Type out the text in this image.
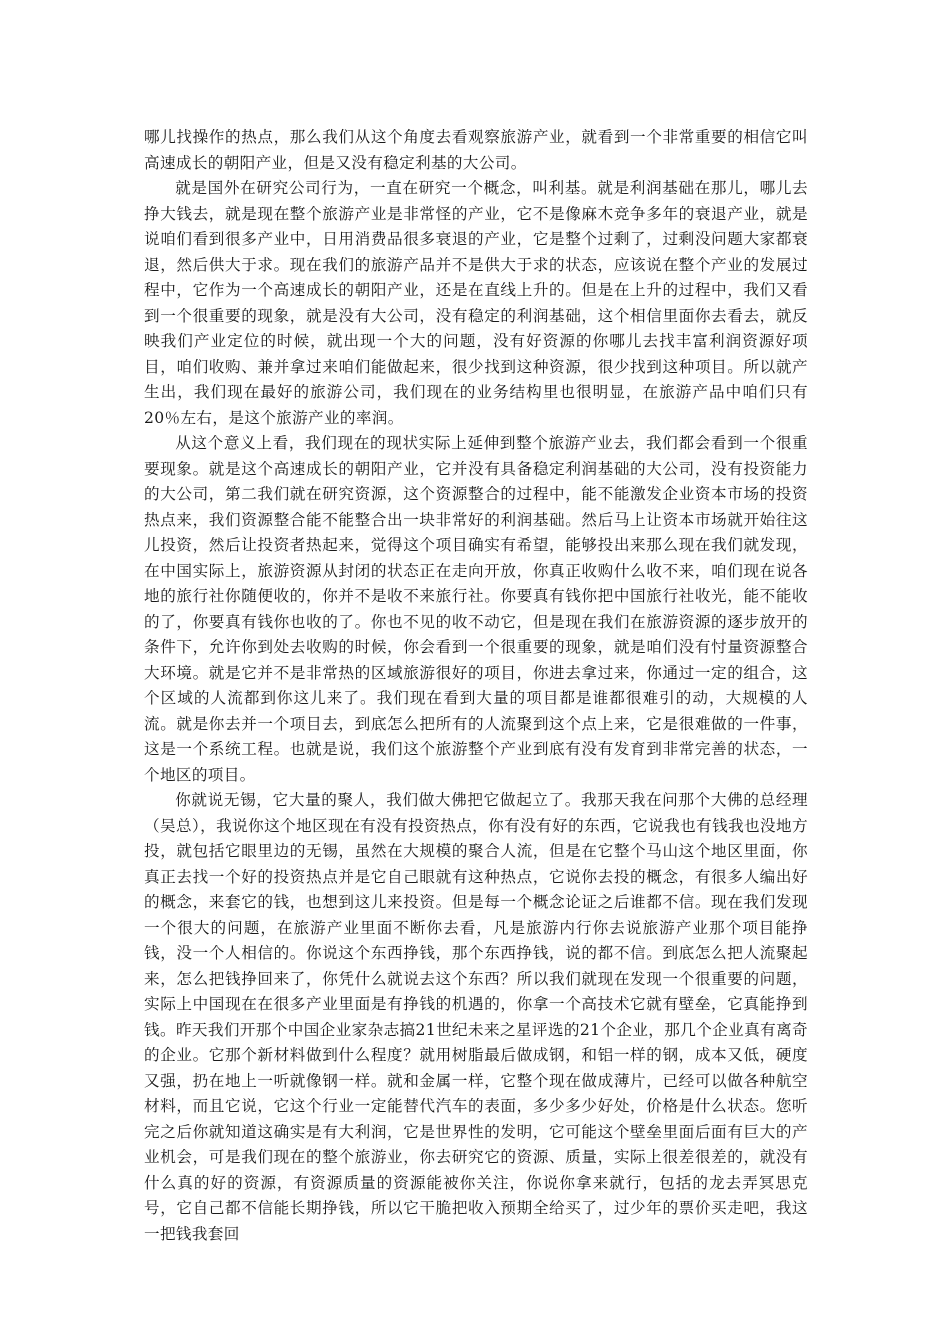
哪儿找操作的热点，那么我们从这个角度去看观察旅游产业，就看到一个非常重要的相信它叫高速成长的朝阳产业，但是又没有稳定利基的大公司。

就是国外在研究公司行为，一直在研究一个概念，叫利基。就是利润基础在那儿，哪儿去挣大钱去，就是现在整个旅游产业是非常怪的产业，它不是像麻木竞争多年的衰退产业，就是说咱们看到很多产业中，日用消费品很多衰退的产业，它是整个过剩了，过剩没问题大家都衰退，然后供大于求。现在我们的旅游产品并不是供大于求的状态，应该说在整个产业的发展过程中，它作为一个高速成长的朝阳产业，还是在直线上升的。但是在上升的过程中，我们又看到一个很重要的现象，就是没有大公司，没有稳定的利润基础，这个相信里面你去看去，就反映我们产业定位的时候，就出现一个大的问题，没有好资源的你哪儿去找丰富利润资源好项目，咱们收购、兼并拿过来咱们能做起来，很少找到这种资源，很少找到这种项目。所以就产生出，我们现在最好的旅游公司，我们现在的业务结构里也很明显，在旅游产品中咱们只有20％左右，是这个旅游产业的率润。

从这个意义上看，我们现在的现状实际上延伸到整个旅游产业去，我们都会看到一个很重要现象。就是这个高速成长的朝阳产业，它并没有具备稳定利润基础的大公司，没有投资能力的大公司，第二我们就在研究资源，这个资源整合的过程中，能不能激发企业资本市场的投资热点来，我们资源整合能不能整合出一块非常好的利润基础。然后马上让资本市场就开始往这儿投资，然后让投资者热起来，觉得这个项目确实有希望，能够投出来那么现在我们就发现，在中国实际上，旅游资源从封闭的状态正在走向开放，你真正收购什么收不来，咱们现在说各地的旅行社你随便收的，你并不是收不来旅行社。你要真有钱你把中国旅行社收光，能不能收的了，你要真有钱你也收的了。你也不见的收不动它，但是现在我们在旅游资源的逐步放开的条件下，允许你到处去收购的时候，你会看到一个很重要的现象，就是咱们没有忖量资源整合大环境。就是它并不是非常热的区域旅游很好的项目，你进去拿过来，你通过一定的组合，这个区域的人流都到你这儿来了。我们现在看到大量的项目都是谁都很难引的动，大规模的人流。就是你去并一个项目去，到底怎么把所有的人流聚到这个点上来，它是很难做的一件事，这是一个系统工程。也就是说，我们这个旅游整个产业到底有没有发育到非常完善的状态，一个地区的项目。

你就说无锡，它大量的聚人，我们做大佛把它做起立了。我那天我在问那个大佛的总经理（吴总），我说你这个地区现在有没有投资热点，你有没有好的东西，它说我也有钱我也没地方投，就包括它眼里边的无锡，虽然在大规模的聚合人流，但是在它整个马山这个地区里面，你真正去找一个好的投资热点并是它自己眼就有这种热点，它说你去投的概念，有很多人编出好的概念，来套它的钱，也想到这儿来投资。但是每一个概念论证之后谁都不信。现在我们发现一个很大的问题，在旅游产业里面不断你去看，凡是旅游内行你去说旅游产业那个项目能挣钱，没一个人相信的。你说这个东西挣钱，那个东西挣钱，说的都不信。到底怎么把人流聚起来，怎么把钱挣回来了，你凭什么就说去这个东西？所以我们就现在发现一个很重要的问题，实际上中国现在在很多产业里面是有挣钱的机遇的，你拿一个高技术它就有壁垒，它真能挣到钱。昨天我们开那个中国企业家杂志搞21世纪未来之星评选的21个企业，那几个企业真有离奇的企业。它那个新材料做到什么程度？就用树脂最后做成钢，和铝一样的钢，成本又低，硬度又强，扔在地上一听就像钢一样。就和金属一样，它整个现在做成薄片，已经可以做各种航空材料，而且它说，它这个行业一定能替代汽车的表面，多少多少好处，价格是什么状态。您听完之后你就知道这确实是有大利润，它是世界性的发明，它可能这个壁垒里面后面有巨大的产业机会，可是我们现在的整个旅游业，你去研究它的资源、质量，实际上很差很差的，就没有什么真的好的资源，有资源质量的资源能被你关注，你说你拿来就行，包括的龙去弄冥思克号，它自己都不信能长期挣钱，所以它干脆把收入预期全给买了，过少年的票价买走吧，我这一把钱我套回
